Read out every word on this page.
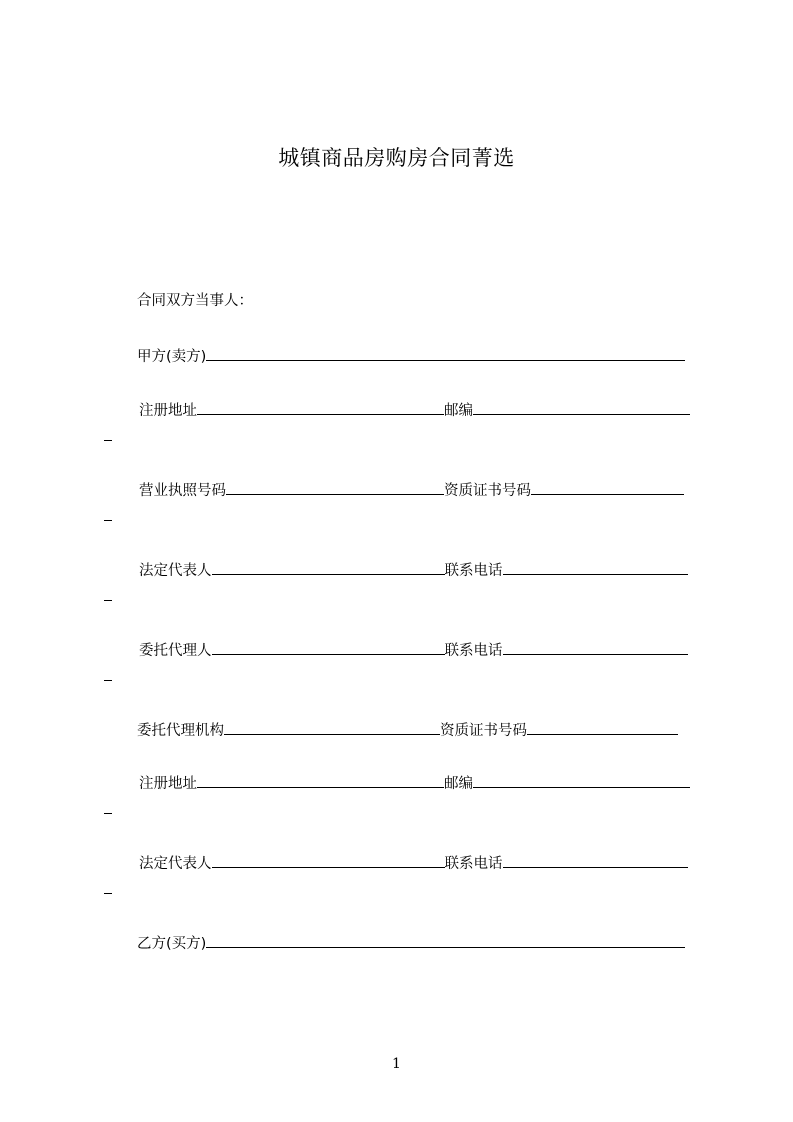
城镇商品房购房合同菁选
合同双方当事人：
甲方(卖方)
注册地址	邮编
营业执照号码	资质证书号码
法定代表人	联系电话
委托代理人	联系电话
委托代理机构	资质证书号码
注册地址	邮编
法定代表人	联系电话
乙方(买方)
1
